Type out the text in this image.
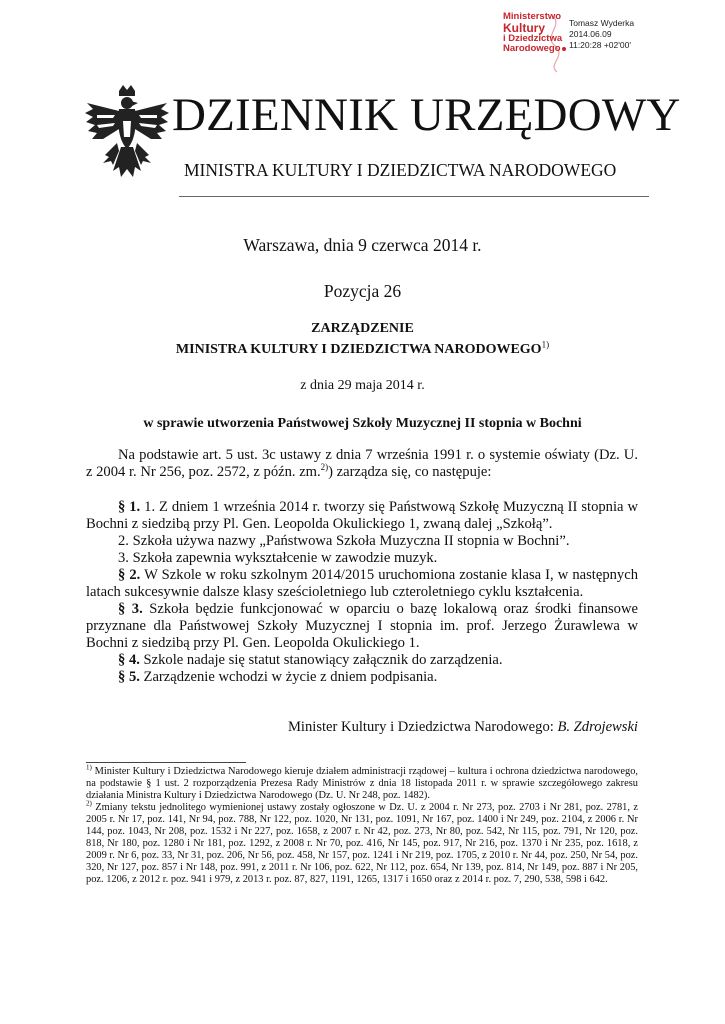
Ministerstwo
Kultury
i Dziedzictwa
Narodowego
Tomasz Wyderka
2014.06.09
11:20:28 +02'00'
DZIENNIK URZĘDOWY
MINISTRA KULTURY I DZIEDZICTWA NARODOWEGO
Warszawa, dnia 9 czerwca 2014 r.
Pozycja 26
ZARZĄDZENIE
MINISTRA KULTURY I DZIEDZICTWA NARODOWEGO$^{1)}$
z dnia 29 maja 2014 r.
w sprawie utworzenia Państwowej Szkoły Muzycznej II stopnia w Bochni
Na podstawie art. 5 ust. 3c ustawy z dnia 7 września 1991 r. o systemie oświaty (Dz. U. z 2004 r. Nr 256, poz. 2572, z późn. zm.$^{2)}$) zarządza się, co następuje:
§ 1. 1. Z dniem 1 września 2014 r. tworzy się Państwową Szkołę Muzyczną II stopnia w Bochni z siedzibą przy Pl. Gen. Leopolda Okulickiego 1, zwaną dalej „Szkołą”.
2. Szkoła używa nazwy „Państwowa Szkoła Muzyczna II stopnia w Bochni”.
3. Szkoła zapewnia wykształcenie w zawodzie muzyk.
§ 2. W Szkole w roku szkolnym 2014/2015 uruchomiona zostanie klasa I, w następnych latach sukcesywnie dalsze klasy sześcioletniego lub czteroletniego cyklu kształcenia.
§ 3. Szkoła będzie funkcjonować w oparciu o bazę lokalową oraz środki finansowe przyznane dla Państwowej Szkoły Muzycznej I stopnia im. prof. Jerzego Żurawlewa w Bochni z siedzibą przy Pl. Gen. Leopolda Okulickiego 1.
§ 4. Szkole nadaje się statut stanowiący załącznik do zarządzenia.
§ 5. Zarządzenie wchodzi w życie z dniem podpisania.
Minister Kultury i Dziedzictwa Narodowego: B. Zdrojewski
$^{1)}$ Minister Kultury i Dziedzictwa Narodowego kieruje działem administracji rządowej – kultura i ochrona dziedzictwa narodowego, na podstawie § 1 ust. 2 rozporządzenia Prezesa Rady Ministrów z dnia 18 listopada 2011 r. w sprawie szczegółowego zakresu działania Ministra Kultury i Dziedzictwa Narodowego (Dz. U. Nr 248, poz. 1482).
$^{2)}$ Zmiany tekstu jednolitego wymienionej ustawy zostały ogłoszone w Dz. U. z 2004 r. Nr 273, poz. 2703 i Nr 281, poz. 2781, z 2005 r. Nr 17, poz. 141, Nr 94, poz. 788, Nr 122, poz. 1020, Nr 131, poz. 1091, Nr 167, poz. 1400 i Nr 249, poz. 2104, z 2006 r. Nr 144, poz. 1043, Nr 208, poz. 1532 i Nr 227, poz. 1658, z 2007 r. Nr 42, poz. 273, Nr 80, poz. 542, Nr 115, poz. 791, Nr 120, poz. 818, Nr 180, poz. 1280 i Nr 181, poz. 1292, z 2008 r. Nr 70, poz. 416, Nr 145, poz. 917, Nr 216, poz. 1370 i Nr 235, poz. 1618, z 2009 r. Nr 6, poz. 33, Nr 31, poz. 206, Nr 56, poz. 458, Nr 157, poz. 1241 i Nr 219, poz. 1705, z 2010 r. Nr 44, poz. 250, Nr 54, poz. 320, Nr 127, poz. 857 i Nr 148, poz. 991, z 2011 r. Nr 106, poz. 622, Nr 112, poz. 654, Nr 139, poz. 814, Nr 149, poz. 887 i Nr 205, poz. 1206, z 2012 r. poz. 941 i 979, z 2013 r. poz. 87, 827, 1191, 1265, 1317 i 1650 oraz z 2014 r. poz. 7, 290, 538, 598 i 642.
